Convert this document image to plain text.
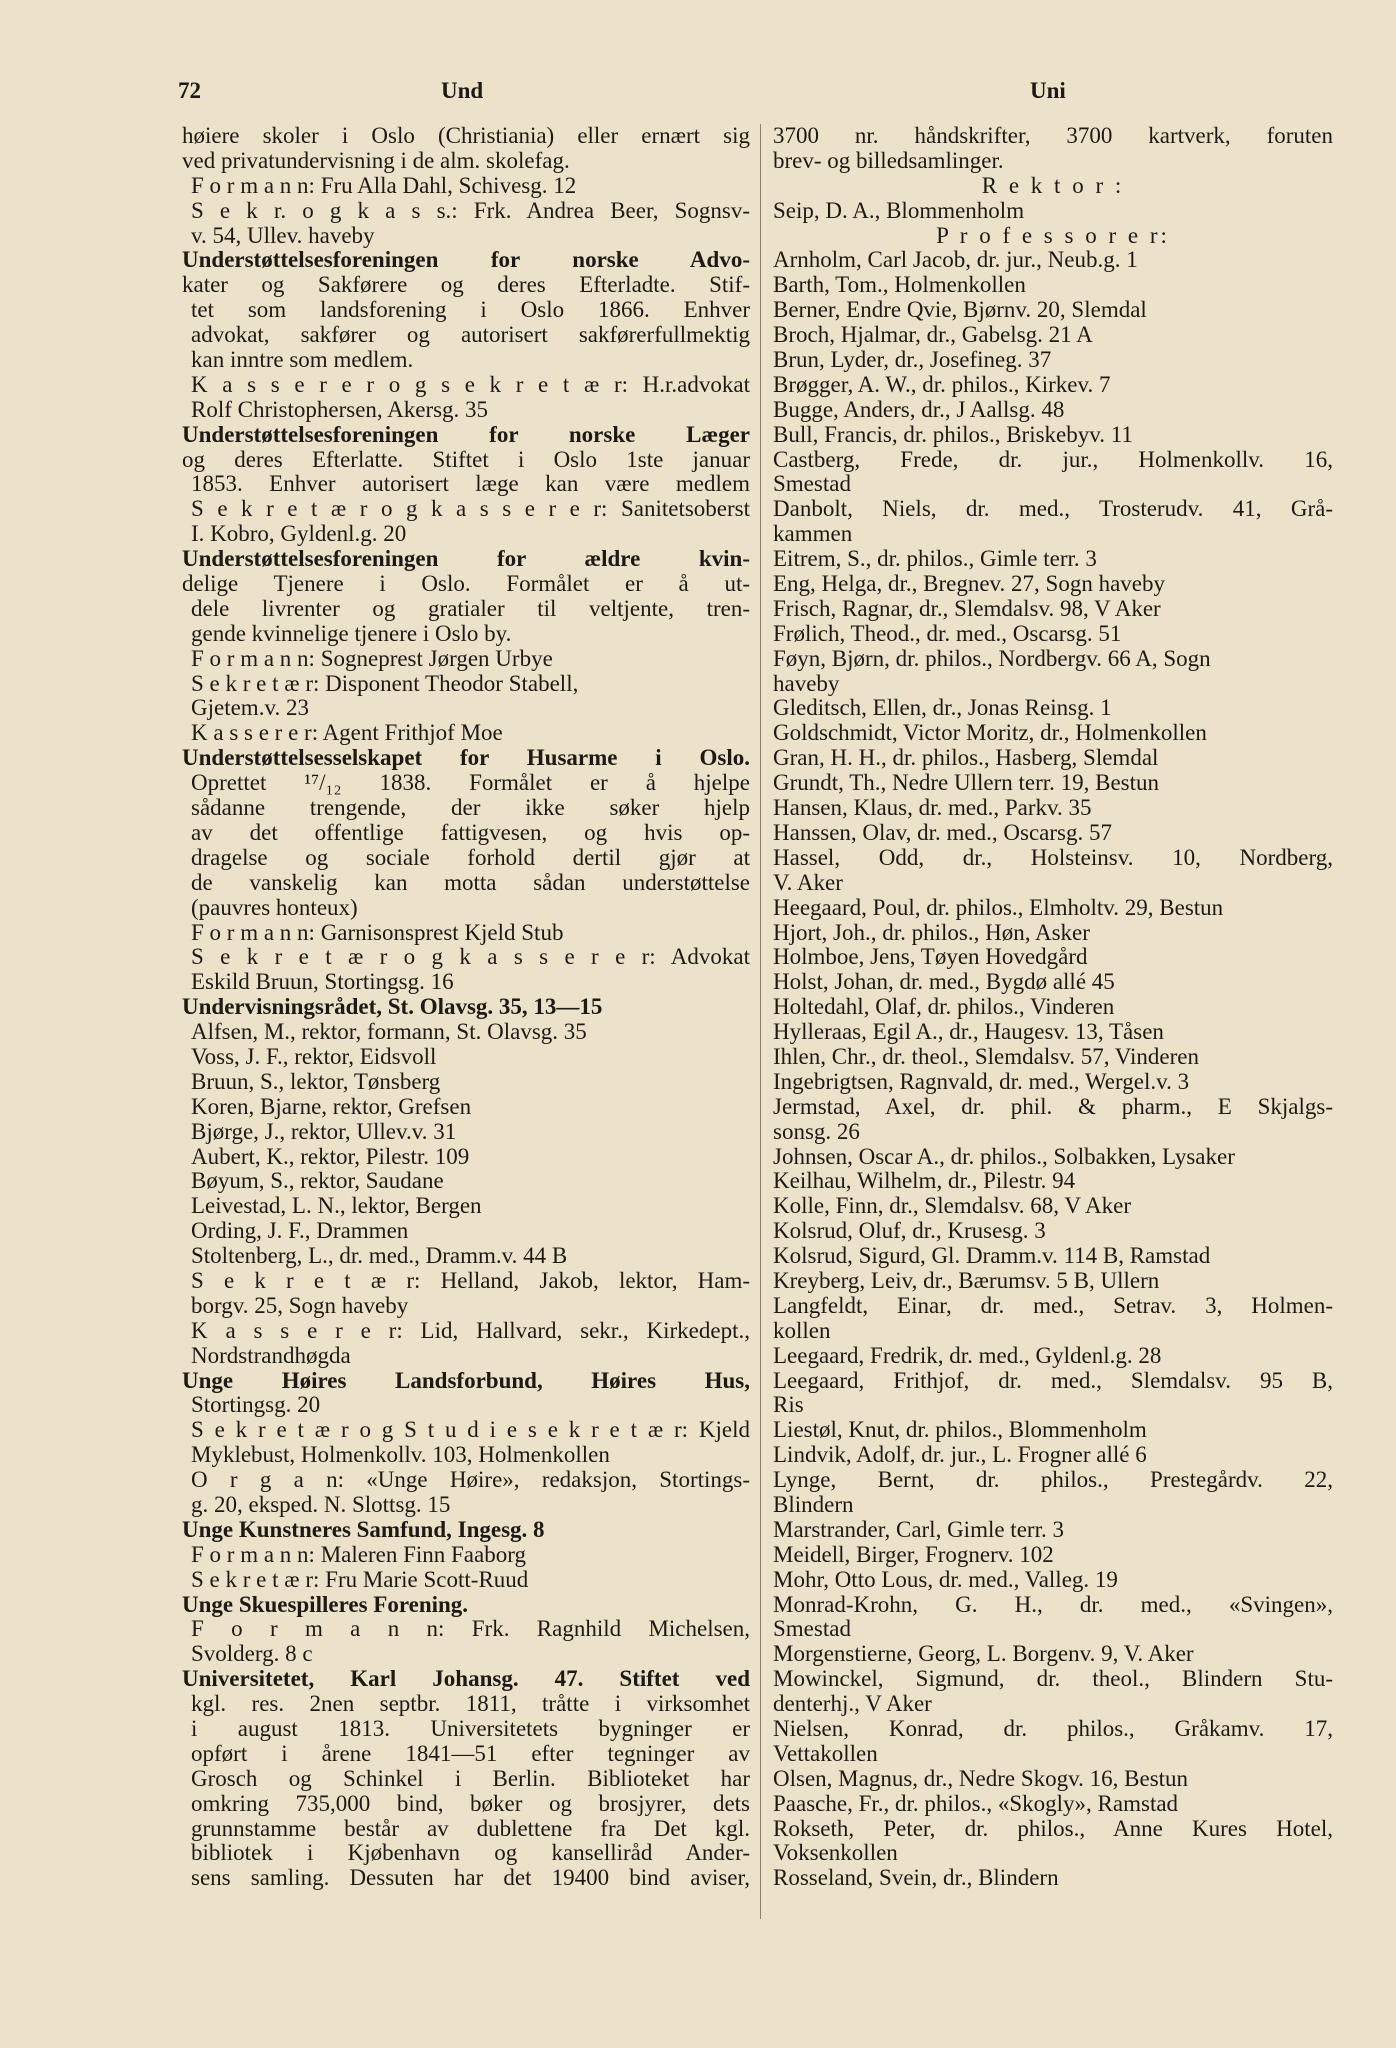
72	Und	Uni
høiere skoler i Oslo (Christiania) eller ernært sig
ved privatundervisning i de alm. skolefag.
F o r m a n n: Fru Alla Dahl, Schivesg. 12
S e k r. o g k a s s.: Frk. Andrea Beer, Sognsv-
v. 54, Ullev. haveby
Understøttelsesforeningen for norske Advo-
kater og Sakførere og deres Efterladte. Stif-
tet som landsforening i Oslo 1866. Enhver
advokat, sakfører og autorisert sakførerfullmektig
kan inntre som medlem.
K a s s e r e r o g s e k r e t æ r: H.r.advokat
Rolf Christophersen, Akersg. 35
Understøttelsesforeningen for norske Læger
og deres Efterlatte. Stiftet i Oslo 1ste januar
1853. Enhver autorisert læge kan være medlem
S e k r e t æ r o g k a s s e r e r: Sanitetsoberst
I. Kobro, Gyldenl.g. 20
Understøttelsesforeningen for ældre kvin-
delige Tjenere i Oslo. Formålet er å ut-
dele livrenter og gratialer til veltjente, tren-
gende kvinnelige tjenere i Oslo by.
F o r m a n n: Sogneprest Jørgen Urbye
S e k r e t æ r: Disponent Theodor Stabell,
Gjetem.v. 23
K a s s e r e r: Agent Frithjof Moe
Understøttelsesselskapet for Husarme i Oslo.
Oprettet ¹⁷/₁₂ 1838. Formålet er å hjelpe
sådanne trengende, der ikke søker hjelp
av det offentlige fattigvesen, og hvis op-
dragelse og sociale forhold dertil gjør at
de vanskelig kan motta sådan understøttelse
(pauvres honteux)
F o r m a n n: Garnisonsprest Kjeld Stub
S e k r e t æ r o g k a s s e r e r: Advokat
Eskild Bruun, Stortingsg. 16
Undervisningsrådet, St. Olavsg. 35, 13—15
Alfsen, M., rektor, formann, St. Olavsg. 35
Voss, J. F., rektor, Eidsvoll
Bruun, S., lektor, Tønsberg
Koren, Bjarne, rektor, Grefsen
Bjørge, J., rektor, Ullev.v. 31
Aubert, K., rektor, Pilestr. 109
Bøyum, S., rektor, Saudane
Leivestad, L. N., lektor, Bergen
Ording, J. F., Drammen
Stoltenberg, L., dr. med., Dramm.v. 44 B
S e k r e t æ r: Helland, Jakob, lektor, Ham-
borgv. 25, Sogn haveby
K a s s e r e r: Lid, Hallvard, sekr., Kirkedept.,
Nordstrandhøgda
Unge Høires Landsforbund, Høires Hus,
Stortingsg. 20
S e k r e t æ r o g S t u d i e s e k r e t æ r: Kjeld
Myklebust, Holmenkollv. 103, Holmenkollen
O r g a n: «Unge Høire», redaksjon, Stortings-
g. 20, eksped. N. Slottsg. 15
Unge Kunstneres Samfund, Ingesg. 8
F o r m a n n: Maleren Finn Faaborg
S e k r e t æ r: Fru Marie Scott-Ruud
Unge Skuespilleres Forening.
F o r m a n n: Frk. Ragnhild Michelsen,
Svolderg. 8 c
Universitetet, Karl Johansg. 47. Stiftet ved
kgl. res. 2nen septbr. 1811, tråtte i virksomhet
i august 1813. Universitetets bygninger er
opført i årene 1841—51 efter tegninger av
Grosch og Schinkel i Berlin. Biblioteket har
omkring 735,000 bind, bøker og brosjyrer, dets
grunnstamme består av dublettene fra Det kgl.
bibliotek i Kjøbenhavn og kanselliråd Ander-
sens samling. Dessuten har det 19400 bind aviser,
3700 nr. håndskrifter, 3700 kartverk, foruten
brev- og billedsamlinger.
R e k t o r :
Seip, D. A., Blommenholm
P r o f e s s o r e r:
Arnholm, Carl Jacob, dr. jur., Neub.g. 1
Barth, Tom., Holmenkollen
Berner, Endre Qvie, Bjørnv. 20, Slemdal
Broch, Hjalmar, dr., Gabelsg. 21 A
Brun, Lyder, dr., Josefineg. 37
Brøgger, A. W., dr. philos., Kirkev. 7
Bugge, Anders, dr., J Aallsg. 48
Bull, Francis, dr. philos., Briskebyv. 11
Castberg, Frede, dr. jur., Holmenkollv. 16,
Smestad
Danbolt, Niels, dr. med., Trosterudv. 41, Grå-
kammen
Eitrem, S., dr. philos., Gimle terr. 3
Eng, Helga, dr., Bregnev. 27, Sogn haveby
Frisch, Ragnar, dr., Slemdalsv. 98, V Aker
Frølich, Theod., dr. med., Oscarsg. 51
Føyn, Bjørn, dr. philos., Nordbergv. 66 A, Sogn
haveby
Gleditsch, Ellen, dr., Jonas Reinsg. 1
Goldschmidt, Victor Moritz, dr., Holmenkollen
Gran, H. H., dr. philos., Hasberg, Slemdal
Grundt, Th., Nedre Ullern terr. 19, Bestun
Hansen, Klaus, dr. med., Parkv. 35
Hanssen, Olav, dr. med., Oscarsg. 57
Hassel, Odd, dr., Holsteinsv. 10, Nordberg,
V. Aker
Heegaard, Poul, dr. philos., Elmholtv. 29, Bestun
Hjort, Joh., dr. philos., Høn, Asker
Holmboe, Jens, Tøyen Hovedgård
Holst, Johan, dr. med., Bygdø allé 45
Holtedahl, Olaf, dr. philos., Vinderen
Hylleraas, Egil A., dr., Haugesv. 13, Tåsen
Ihlen, Chr., dr. theol., Slemdalsv. 57, Vinderen
Ingebrigtsen, Ragnvald, dr. med., Wergel.v. 3
Jermstad, Axel, dr. phil. & pharm., E Skjalgs-
sonsg. 26
Johnsen, Oscar A., dr. philos., Solbakken, Lysaker
Keilhau, Wilhelm, dr., Pilestr. 94
Kolle, Finn, dr., Slemdalsv. 68, V Aker
Kolsrud, Oluf, dr., Krusesg. 3
Kolsrud, Sigurd, Gl. Dramm.v. 114 B, Ramstad
Kreyberg, Leiv, dr., Bærumsv. 5 B, Ullern
Langfeldt, Einar, dr. med., Setrav. 3, Holmen-
kollen
Leegaard, Fredrik, dr. med., Gyldenl.g. 28
Leegaard, Frithjof, dr. med., Slemdalsv. 95 B,
Ris
Liestøl, Knut, dr. philos., Blommenholm
Lindvik, Adolf, dr. jur., L. Frogner allé 6
Lynge, Bernt, dr. philos., Prestegårdv. 22,
Blindern
Marstrander, Carl, Gimle terr. 3
Meidell, Birger, Frognerv. 102
Mohr, Otto Lous, dr. med., Valleg. 19
Monrad-Krohn, G. H., dr. med., «Svingen»,
Smestad
Morgenstierne, Georg, L. Borgenv. 9, V. Aker
Mowinckel, Sigmund, dr. theol., Blindern Stu-
denterhj., V Aker
Nielsen, Konrad, dr. philos., Gråkamv. 17,
Vettakollen
Olsen, Magnus, dr., Nedre Skogv. 16, Bestun
Paasche, Fr., dr. philos., «Skogly», Ramstad
Rokseth, Peter, dr. philos., Anne Kures Hotel,
Voksenkollen
Rosseland, Svein, dr., Blindern
